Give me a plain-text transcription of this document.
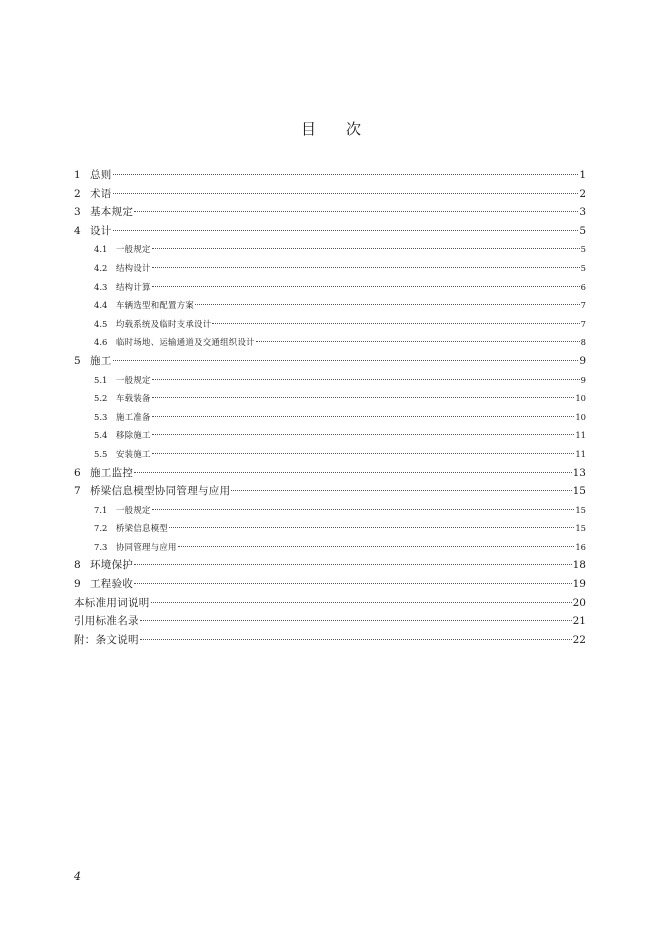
目 次
1 总则	1
2 术语	2
3 基本规定	3
4 设计	5
4.1	一般规定	5
4.2	结构设计	5
4.3	结构计算	6
4.4	车辆选型和配置方案	7
4.5	均载系统及临时支承设计	7
4.6	临时场地、运输通道及交通组织设计	8
5 施工	9
5.1	一般规定	9
5.2	车载装备	10
5.3	施工准备	10
5.4	移除施工	11
5.5	安装施工	11
6 施工监控	13
7 桥梁信息模型协同管理与应用	15
7.1	一般规定	15
7.2	桥梁信息模型	15
7.3	协同管理与应用	16
8 环境保护	18
9 工程验收	19
本标准用词说明	20
引用标准名录	21
附：条文说明	22
4
